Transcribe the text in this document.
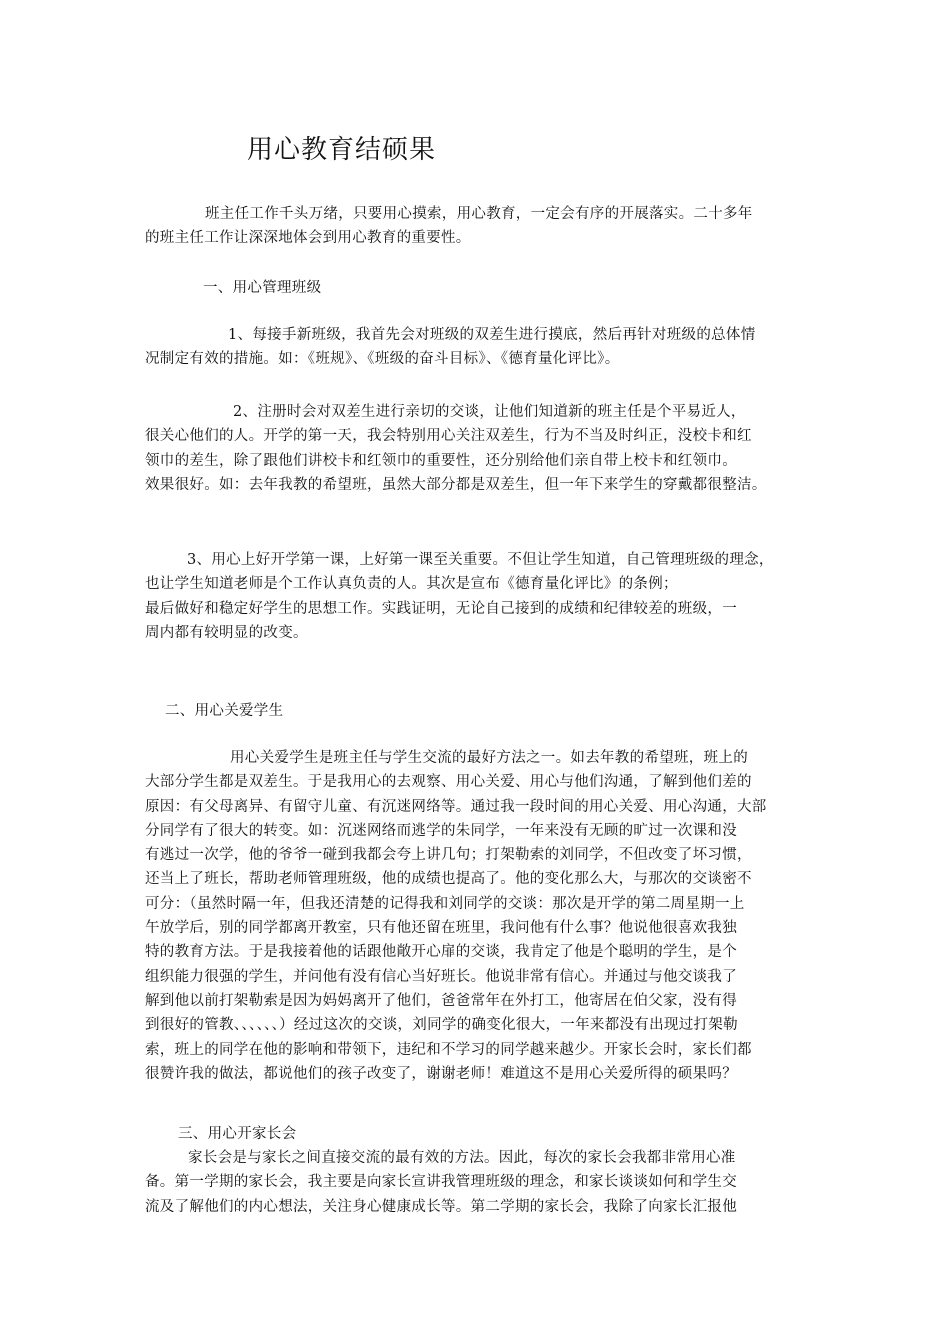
用心教育结硕果
班主任工作千头万绪，只要用心摸索，用心教育，一定会有序的开展落实。二十多年
的班主任工作让深深地体会到用心教育的重要性。
一、用心管理班级
1、每接手新班级，我首先会对班级的双差生进行摸底，然后再针对班级的总体情
况制定有效的措施。如：《班规》、《班级的奋斗目标》、《德育量化评比》。
2、注册时会对双差生进行亲切的交谈，让他们知道新的班主任是个平易近人，
很关心他们的人。开学的第一天，我会特别用心关注双差生，行为不当及时纠正，没校卡和红
领巾的差生，除了跟他们讲校卡和红领巾的重要性，还分别给他们亲自带上校卡和红领巾。
效果很好。如：去年我教的希望班，虽然大部分都是双差生，但一年下来学生的穿戴都很整洁。
3、用心上好开学第一课，上好第一课至关重要。不但让学生知道，自己管理班级的理念，
也让学生知道老师是个工作认真负责的人。其次是宣布《德育量化评比》的条例；
最后做好和稳定好学生的思想工作。实践证明，无论自己接到的成绩和纪律较差的班级，一
周内都有较明显的改变。
二、用心关爱学生
用心关爱学生是班主任与学生交流的最好方法之一。如去年教的希望班，班上的
大部分学生都是双差生。于是我用心的去观察、用心关爱、用心与他们沟通，了解到他们差的
原因：有父母离异、有留守儿童、有沉迷网络等。通过我一段时间的用心关爱、用心沟通，大部
分同学有了很大的转变。如：沉迷网络而逃学的朱同学，一年来没有无顾的旷过一次课和没
有逃过一次学，他的爷爷一碰到我都会夸上讲几句；打架勒索的刘同学，不但改变了坏习惯，
还当上了班长，帮助老师管理班级，他的成绩也提高了。他的变化那么大，与那次的交谈密不
可分：（虽然时隔一年，但我还清楚的记得我和刘同学的交谈：那次是开学的第二周星期一上
午放学后，别的同学都离开教室，只有他还留在班里，我问他有什么事？他说他很喜欢我独
特的教育方法。于是我接着他的话跟他敞开心扉的交谈，我肯定了他是个聪明的学生，是个
组织能力很强的学生，并问他有没有信心当好班长。他说非常有信心。并通过与他交谈我了
解到他以前打架勒索是因为妈妈离开了他们，爸爸常年在外打工，他寄居在伯父家，没有得
到很好的管教、、、、、、）经过这次的交谈，刘同学的确变化很大，一年来都没有出现过打架勒
索，班上的同学在他的影响和带领下，违纪和不学习的同学越来越少。开家长会时，家长们都
很赞许我的做法，都说他们的孩子改变了，谢谢老师！难道这不是用心关爱所得的硕果吗？
三、用心开家长会
家长会是与家长之间直接交流的最有效的方法。因此，每次的家长会我都非常用心准
备。第一学期的家长会，我主要是向家长宣讲我管理班级的理念，和家长谈谈如何和学生交
流及了解他们的内心想法，关注身心健康成长等。第二学期的家长会，我除了向家长汇报他
